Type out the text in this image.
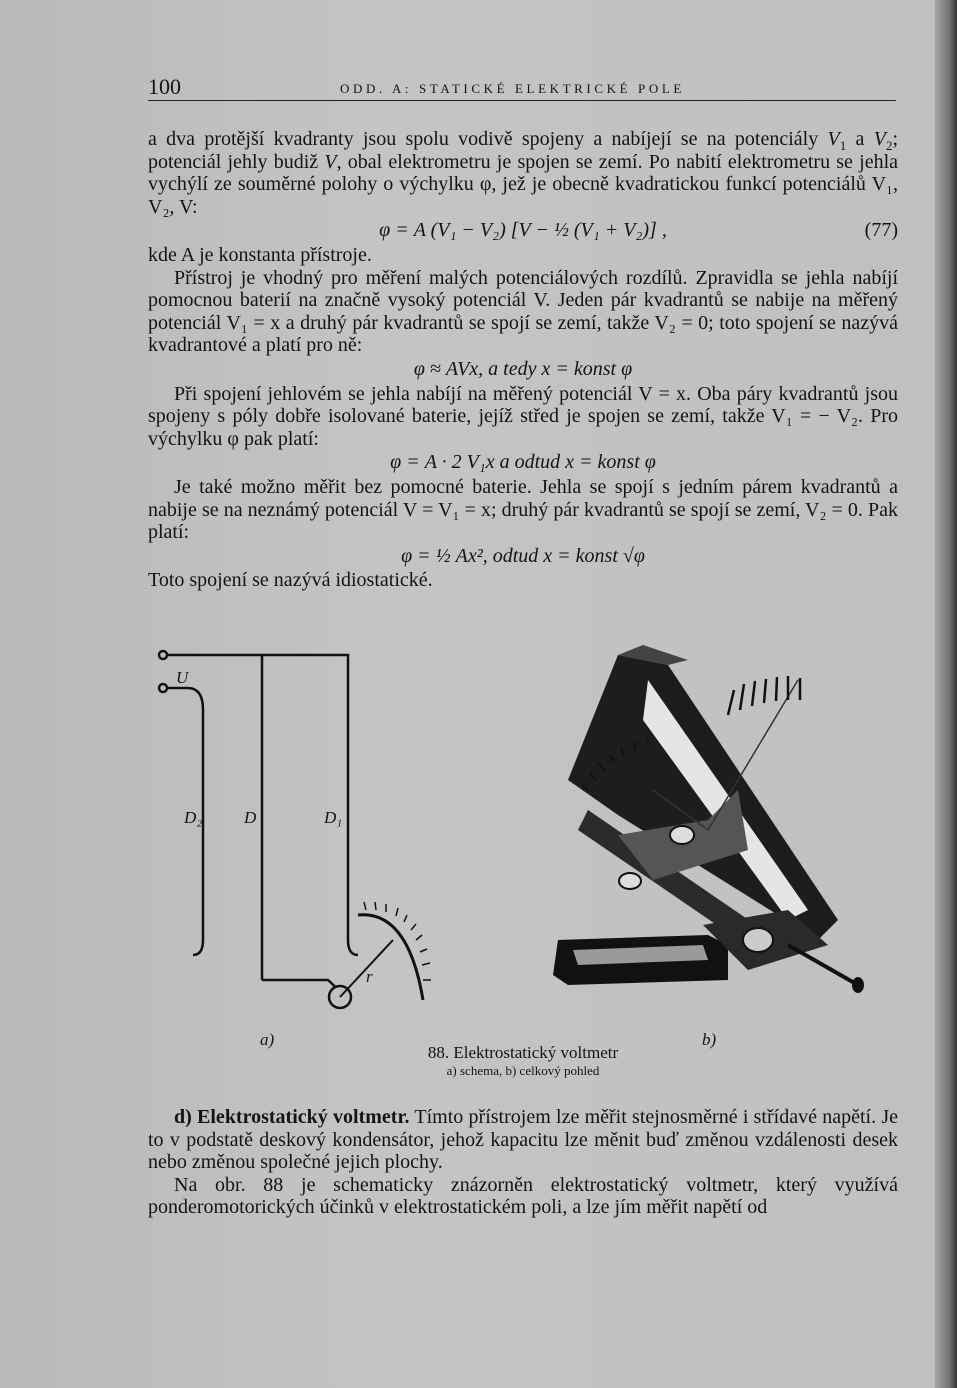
100	ODD. A: STATICKÉ ELEKTRICKÉ POLE

a dva protější kvadranty jsou spolu vodivě spojeny a nabíjejí se na potenciály $V_1$ a $V_2$; potenciál jehly budiž V, obal elektrometru je spojen se zemí. Po nabití elektrometru se jehla vychýlí ze souměrné polohy o výchylku φ, jež je obecně kvadratickou funkcí potenciálů V₁, V₂, V:

φ = A (V₁ − V₂) [V − ½ (V₁ + V₂)] ,	(77)

kde A je konstanta přístroje.

Přístroj je vhodný pro měření malých potenciálových rozdílů. Zpravidla se jehla nabíjí pomocnou baterií na značně vysoký potenciál V. Jeden pár kvadrantů se nabije na měřený potenciál V₁ = x a druhý pár kvadrantů se spojí se zemí, takže V₂ = 0; toto spojení se nazývá kvadrantové a platí pro ně:

φ ≈ AVx, a tedy x = konst φ

Při spojení jehlovém se jehla nabíjí na měřený potenciál V = x. Oba páry kvadrantů jsou spojeny s póly dobře isolované baterie, jejíž střed je spojen se zemí, takže V₁ = − V₂. Pro výchylku φ pak platí:

φ = A · 2 V₁x a odtud x = konst φ

Je také možno měřit bez pomocné baterie. Jehla se spojí s jedním párem kvadrantů a nabije se na neznámý potenciál V = V₁ = x; druhý pár kvadrantů se spojí se zemí, V₂ = 0. Pak platí:

φ = ½ Ax², odtud x = konst √φ

Toto spojení se nazývá idiostatické.

U
D₂ D	D₁
r
a)	b)
88. Elektrostatický voltmetr
a) schema, b) celkový pohled

d) Elektrostatický voltmetr. Tímto přístrojem lze měřit stejnosměrné i střídavé napětí. Je to v podstatě deskový kondensátor, jehož kapacitu lze měnit buď změnou vzdálenosti desek nebo změnou společné jejich plochy.

Na obr. 88 je schematicky znázorněn elektrostatický voltmetr, který využívá ponderomotorických účinků v elektrostatickém poli, a lze jím měřit napětí od
